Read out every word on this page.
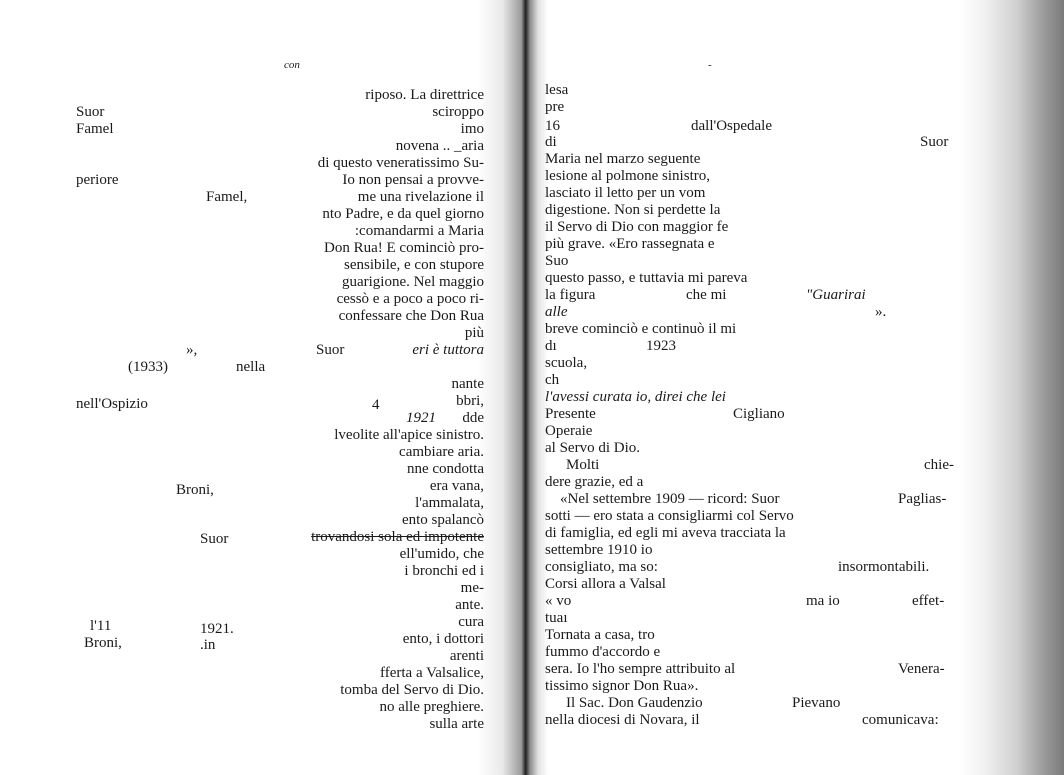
con
riposo. La direttrice
sciroppo
imo
novena .. _aria
di questo veneratissimo Su-
Io non pensai a provve-
me una rivelazione il
nto Padre, e da quel giorno
:comandarmi a Maria
Don Rua! E cominciò pro-
sensibile, e con stupore
guarigione. Nel maggio
cessò e a poco a poco ri-
confessare che Don Rua
più
eri è tuttora
nante
bbri,
dde
lveolite all'apice sinistro.
cambiare aria.
nne condotta
era vana,
l'ammalata,
ento spalancò
trovandosi sola ed impotente
ell'umido, che
i bronchi ed i
me-
ante.
cura
ento, i dottori
arenti
fferta a Valsalice,
tomba del Servo di Dio.
no alle preghiere.
sulla arte
Suor
Famel
periore
Famel,
»,	Suor
(1933)	nella
nell'Ospizio	4
1921
Broni,
Suor
l'11	1921.
Broni,	.in
-
lesa
pre
16
di
Maria nel marzo seguente
lesione al polmone sinistro,
lasciato il letto per un vom
digestione. Non si perdette la
il Servo di Dio con maggior fe
più grave. «Ero rassegnata e
Suo
questo passo, e tuttavia mi pareva
la figura
alle
breve cominciò e continuò il mi
dı
scuola,
ch
l'avessi curata io, direi che lei
Presente
Operaie
al Servo di Dio.
Molti
dere grazie, ed a
«Nel settembre 1909 — ricord: Suor
sotti — ero stata a consigliarmi col Servo
di famiglia, ed egli mi aveva tracciata la
settembre 1910 io
consigliato, ma so:
Corsi allora a Valsal
« vo
tuaı
Tornata a casa, tro
fummo d'accordo e
sera. Io l'ho sempre attribuito al
tissimo signor Don Rua».
Il Sac. Don Gaudenzio
nella diocesi di Novara, il
dall'Ospedale
Suor
che mi	"Guarirai
».
1923
Cigliano
chie-
Paglias-
insormontabili.
ma io	effet-
Venera-
Pievano
comunicava:
